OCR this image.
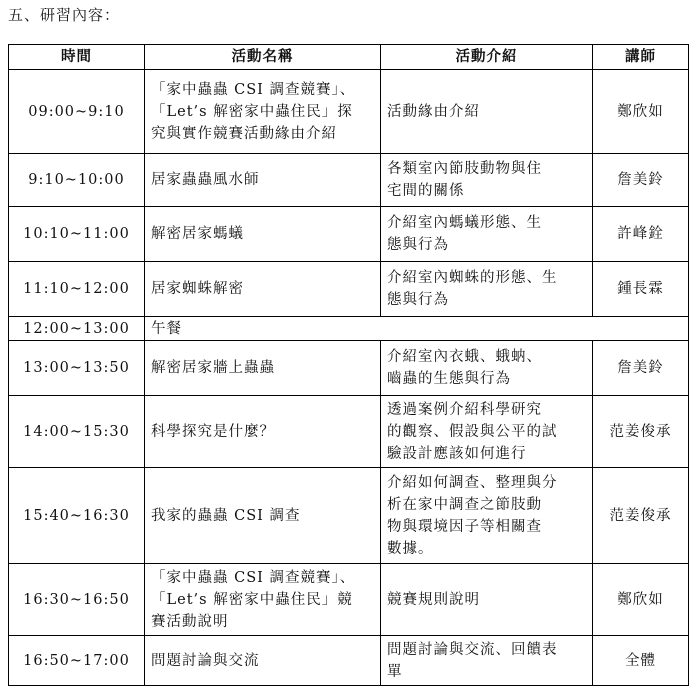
五、研習內容：
時間	活動名稱	活動介紹	講師
09:00~9:10	「家中蟲蟲 CSI 調查競賽」、
「Let’s 解密家中蟲住民」探
究與實作競賽活動緣由介紹	活動緣由介紹	鄭欣如
9:10~10:00	居家蟲蟲風水師	各類室內節肢動物與住
宅間的關係	詹美鈴
10:10~11:00	解密居家螞蟻	介紹室內螞蟻形態、生
態與行為	許峰銓
11:10~12:00	居家蜘蛛解密	介紹室內蜘蛛的形態、生
態與行為	鍾長霖
12:00~13:00	午餐		
13:00~13:50	解密居家牆上蟲蟲	介紹室內衣蛾、蛾蚋、
嚙蟲的生態與行為	詹美鈴
14:00~15:30	科學探究是什麼？	透過案例介紹科學研究
的觀察、假設與公平的試
驗設計應該如何進行	范姜俊承
15:40~16:30	我家的蟲蟲 CSI 調查	介紹如何調查、整理與分
析在家中調查之節肢動
物與環境因子等相關查
數據。	范姜俊承
16:30~16:50	「家中蟲蟲 CSI 調查競賽」、
「Let’s 解密家中蟲住民」競
賽活動說明	競賽規則說明	鄭欣如
16:50~17:00	問題討論與交流	問題討論與交流、回饋表
單	全體
